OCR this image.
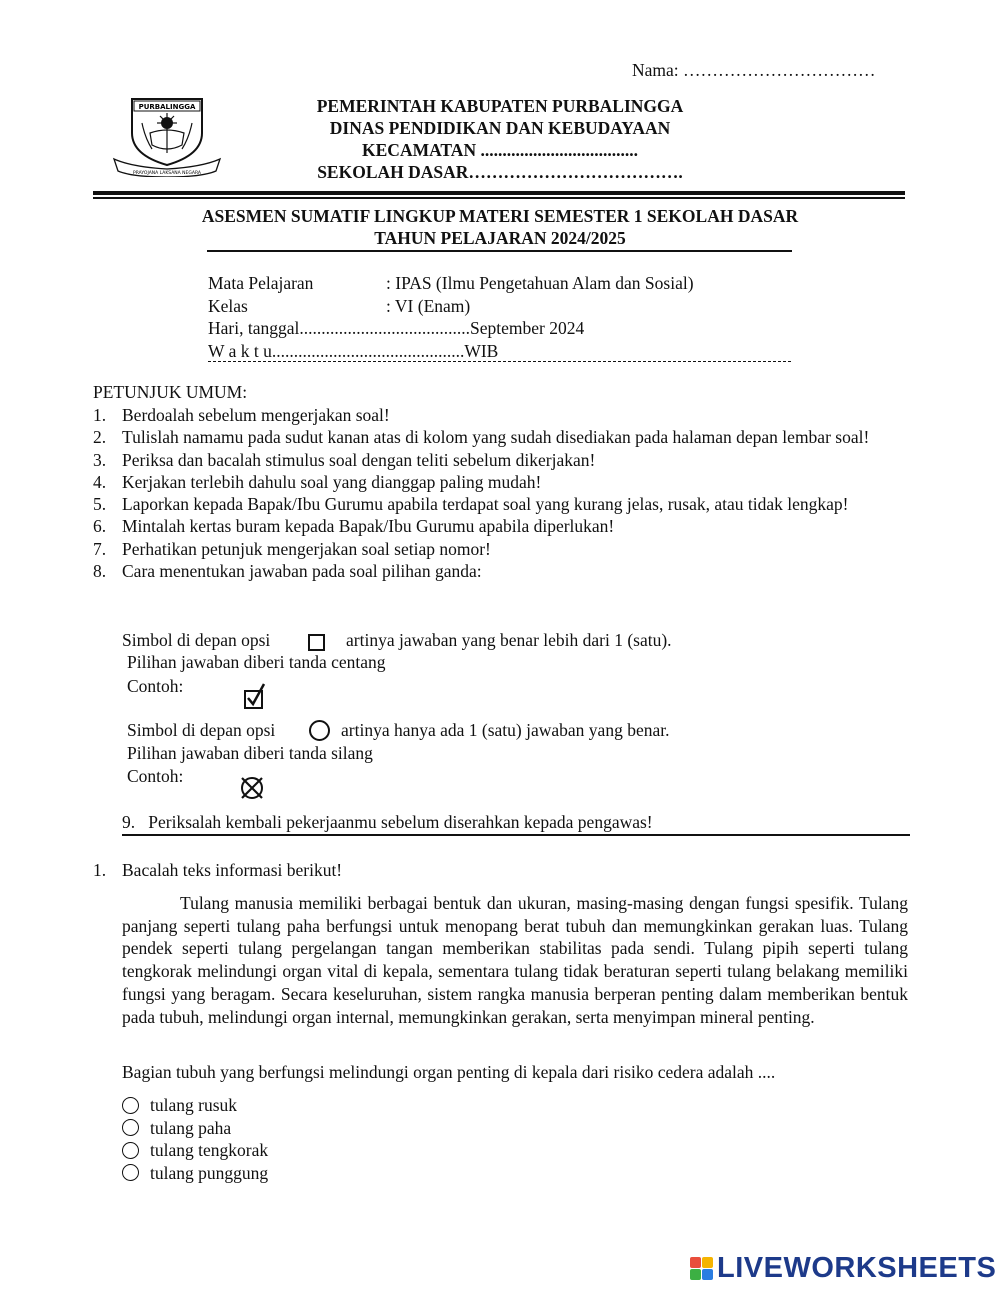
Nama: ……………………………
PURBALINGGA
PRAYOJANA LAKSANA NEGARA
PEMERINTAH KABUPATEN PURBALINGGA
DINAS PENDIDIKAN DAN KEBUDAYAAN
KECAMATAN ....................................
SEKOLAH DASAR……………………………….
ASESMEN SUMATIF LINGKUP MATERI SEMESTER 1 SEKOLAH DASAR
TAHUN PELAJARAN 2024/2025
Mata Pelajaran	: IPAS (Ilmu Pengetahuan Alam dan Sosial)
Kelas	: VI (Enam)
Hari, tanggal.......................................September 2024
W a k t u............................................WIB
PETUNJUK UMUM:
1. Berdoalah sebelum mengerjakan soal!
2. Tulislah namamu pada sudut kanan atas di kolom yang sudah disediakan pada halaman depan lembar soal!
3. Periksa dan bacalah stimulus soal dengan teliti sebelum dikerjakan!
4. Kerjakan terlebih dahulu soal yang dianggap paling mudah!
5. Laporkan kepada Bapak/Ibu Gurumu apabila terdapat soal yang kurang jelas, rusak, atau tidak lengkap!
6. Mintalah kertas buram kepada Bapak/Ibu Gurumu apabila diperlukan!
7. Perhatikan petunjuk mengerjakan soal setiap nomor!
8. Cara menentukan jawaban pada soal pilihan ganda:
Simbol di depan opsi	artinya jawaban yang benar lebih dari 1 (satu).
Pilihan jawaban diberi tanda centang
Contoh:
Simbol di depan opsi	artinya hanya ada 1 (satu) jawaban yang benar.
Pilihan jawaban diberi tanda silang
Contoh:
9. Periksalah kembali pekerjaanmu sebelum diserahkan kepada pengawas!
1. Bacalah teks informasi berikut!
Tulang manusia memiliki berbagai bentuk dan ukuran, masing-masing dengan fungsi spesifik. Tulang panjang seperti tulang paha berfungsi untuk menopang berat tubuh dan memungkinkan gerakan luas. Tulang pendek seperti tulang pergelangan tangan memberikan stabilitas pada sendi. Tulang pipih seperti tulang tengkorak melindungi organ vital di kepala, sementara tulang tidak beraturan seperti tulang belakang memiliki fungsi yang beragam. Secara keseluruhan, sistem rangka manusia berperan penting dalam memberikan bentuk pada tubuh, melindungi organ internal, memungkinkan gerakan, serta menyimpan mineral penting.
Bagian tubuh yang berfungsi melindungi organ penting di kepala dari risiko cedera adalah ....
tulang rusuk
tulang paha
tulang tengkorak
tulang punggung
LIVEWORKSHEETS
